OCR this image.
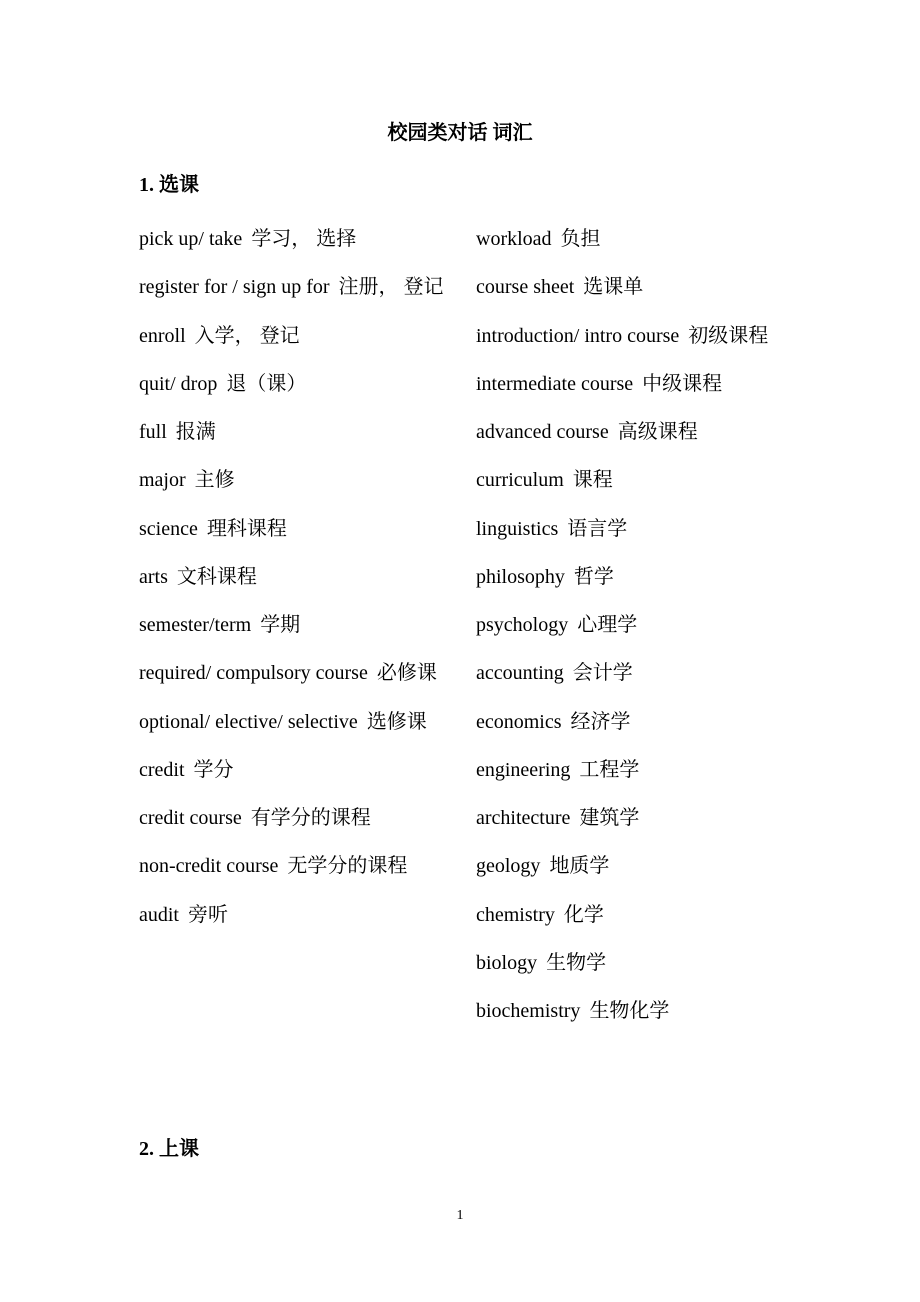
校园类对话 词汇
1. 选课
pick up/ take 学习， 选择
register for / sign up for 注册， 登记
enroll 入学， 登记
quit/ drop 退（课）
full 报满
major 主修
science 理科课程
arts 文科课程
semester/term 学期
required/ compulsory course 必修课
optional/ elective/ selective 选修课
credit 学分
credit course 有学分的课程
non-credit course 无学分的课程
audit 旁听
workload 负担
course sheet 选课单
introduction/ intro course 初级课程
intermediate course 中级课程
advanced course 高级课程
curriculum 课程
linguistics 语言学
philosophy 哲学
psychology 心理学
accounting 会计学
economics 经济学
engineering 工程学
architecture 建筑学
geology 地质学
chemistry 化学
biology 生物学
biochemistry 生物化学
2. 上课
1
